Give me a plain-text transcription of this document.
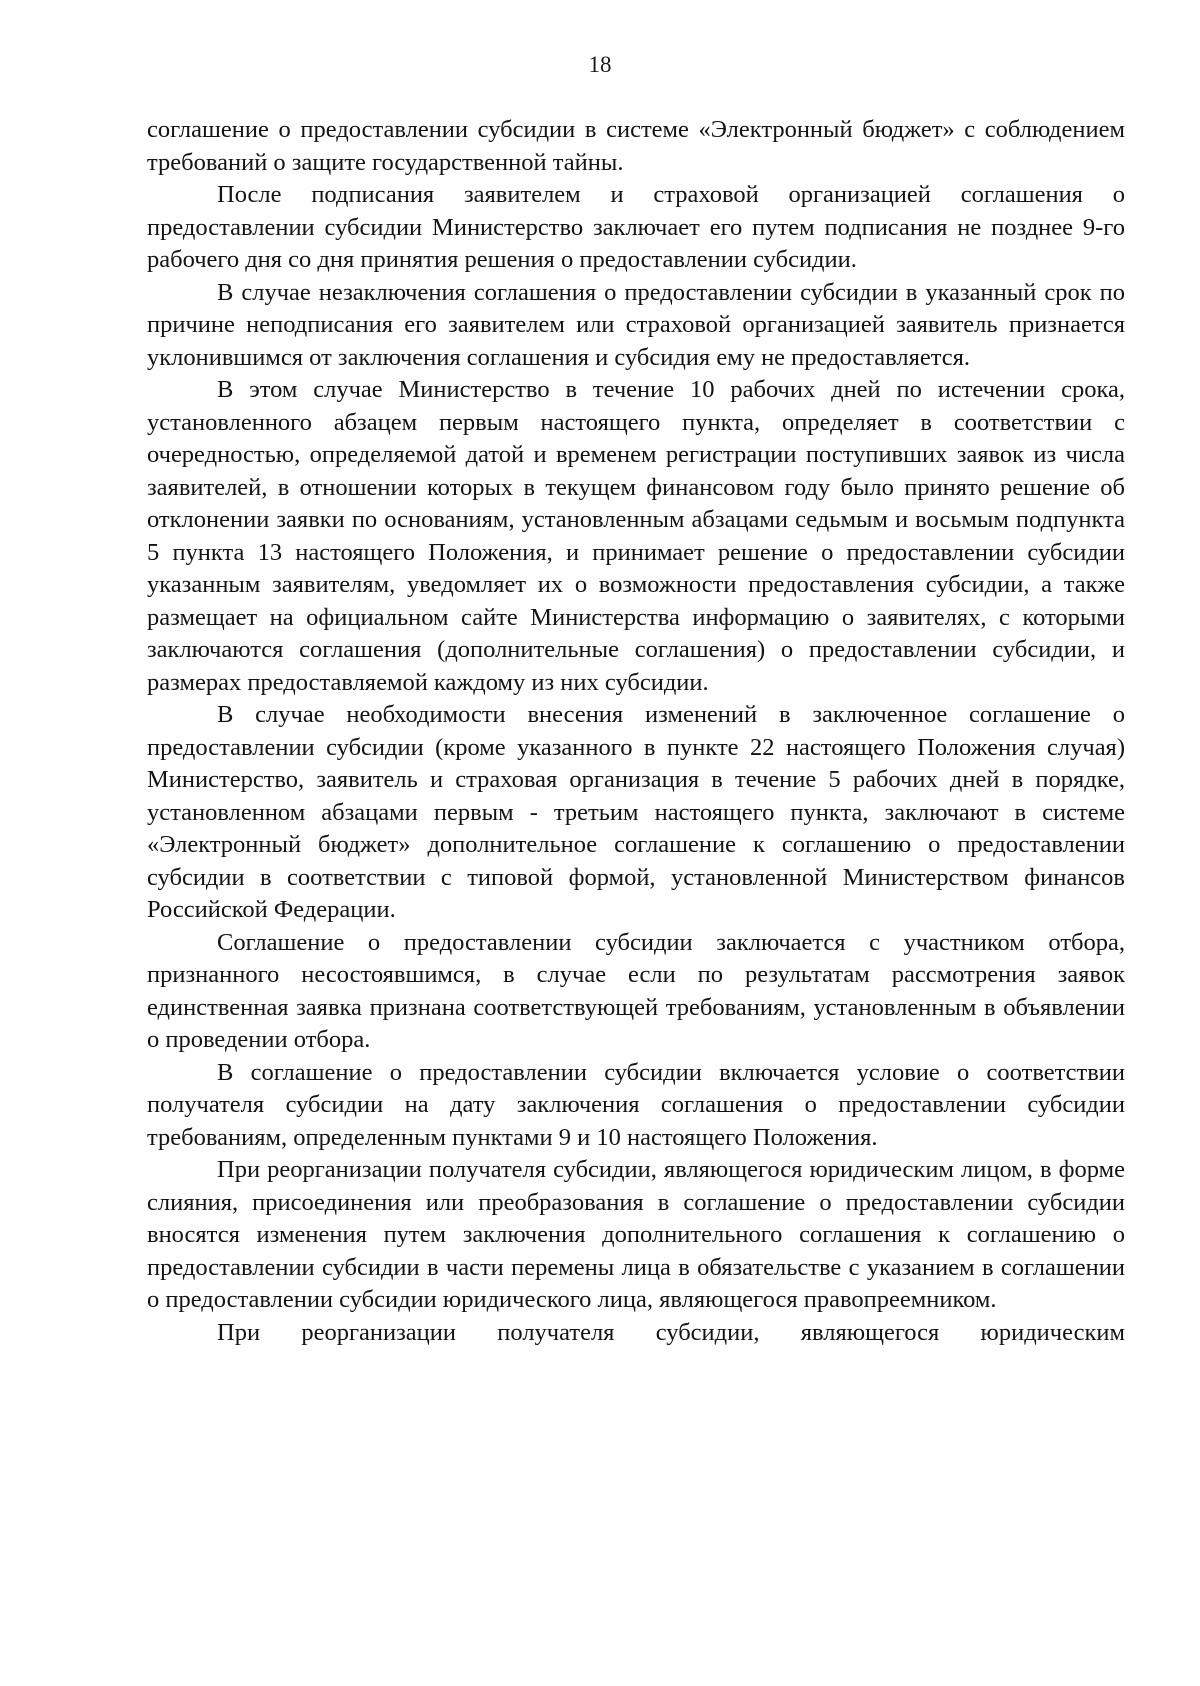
18

соглашение о предоставлении субсидии в системе «Электронный бюджет» с соблюдением требований о защите государственной тайны.

После подписания заявителем и страховой организацией соглашения о предоставлении субсидии Министерство заключает его путем подписания не позднее 9-го рабочего дня со дня принятия решения о предоставлении субсидии.

В случае незаключения соглашения о предоставлении субсидии в указанный срок по причине неподписания его заявителем или страховой организацией заявитель признается уклонившимся от заключения соглашения и субсидия ему не предоставляется.

В этом случае Министерство в течение 10 рабочих дней по истечении срока, установленного абзацем первым настоящего пункта, определяет в соответствии с очередностью, определяемой датой и временем регистрации поступивших заявок из числа заявителей, в отношении которых в текущем финансовом году было принято решение об отклонении заявки по основаниям, установленным абзацами седьмым и восьмым подпункта 5 пункта 13 настоящего Положения, и принимает решение о предоставлении субсидии указанным заявителям, уведомляет их о возможности предоставления субсидии, а также размещает на официальном сайте Министерства информацию о заявителях, с которыми заключаются соглашения (дополнительные соглашения) о предоставлении субсидии, и размерах предоставляемой каждому из них субсидии.

В случае необходимости внесения изменений в заключенное соглашение о предоставлении субсидии (кроме указанного в пункте 22 настоящего Положения случая) Министерство, заявитель и страховая организация в течение 5 рабочих дней в порядке, установленном абзацами первым - третьим настоящего пункта, заключают в системе «Электронный бюджет» дополнительное соглашение к соглашению о предоставлении субсидии в соответствии с типовой формой, установленной Министерством финансов Российской Федерации.

Соглашение о предоставлении субсидии заключается с участником отбора, признанного несостоявшимся, в случае если по результатам рассмотрения заявок единственная заявка признана соответствующей требованиям, установленным в объявлении о проведении отбора.

В соглашение о предоставлении субсидии включается условие о соответствии получателя субсидии на дату заключения соглашения о предоставлении субсидии требованиям, определенным пунктами 9 и 10 настоящего Положения.

При реорганизации получателя субсидии, являющегося юридическим лицом, в форме слияния, присоединения или преобразования в соглашение о предоставлении субсидии вносятся изменения путем заключения дополнительного соглашения к соглашению о предоставлении субсидии в части перемены лица в обязательстве с указанием в соглашении о предоставлении субсидии юридического лица, являющегося правопреемником.

При реорганизации получателя субсидии, являющегося юридическим
